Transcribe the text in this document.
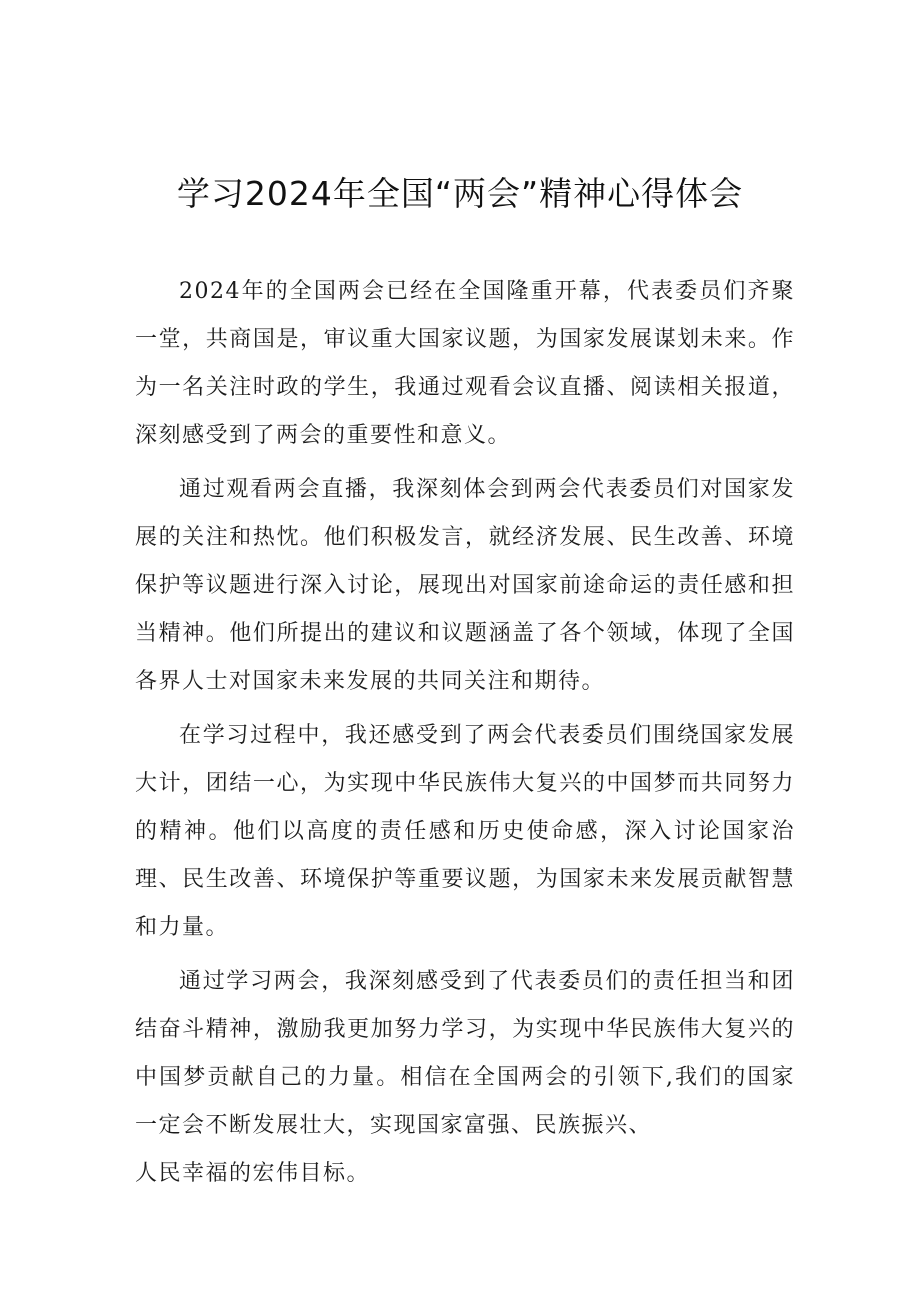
学习2024年全国“两会”精神心得体会

2024年的全国两会已经在全国隆重开幕，代表委员们齐聚一堂，共商国是，审议重大国家议题，为国家发展谋划未来。作为一名关注时政的学生，我通过观看会议直播、阅读相关报道，深刻感受到了两会的重要性和意义。

通过观看两会直播，我深刻体会到两会代表委员们对国家发展的关注和热忱。他们积极发言，就经济发展、民生改善、环境保护等议题进行深入讨论，展现出对国家前途命运的责任感和担当精神。他们所提出的建议和议题涵盖了各个领域，体现了全国各界人士对国家未来发展的共同关注和期待。

在学习过程中，我还感受到了两会代表委员们围绕国家发展大计，团结一心，为实现中华民族伟大复兴的中国梦而共同努力的精神。他们以高度的责任感和历史使命感，深入讨论国家治理、民生改善、环境保护等重要议题，为国家未来发展贡献智慧和力量。

通过学习两会，我深刻感受到了代表委员们的责任担当和团结奋斗精神，激励我更加努力学习，为实现中华民族伟大复兴的中国梦贡献自己的力量。相信在全国两会的引领下,我们的国家一定会不断发展壮大，实现国家富强、民族振兴、
人民幸福的宏伟目标。
